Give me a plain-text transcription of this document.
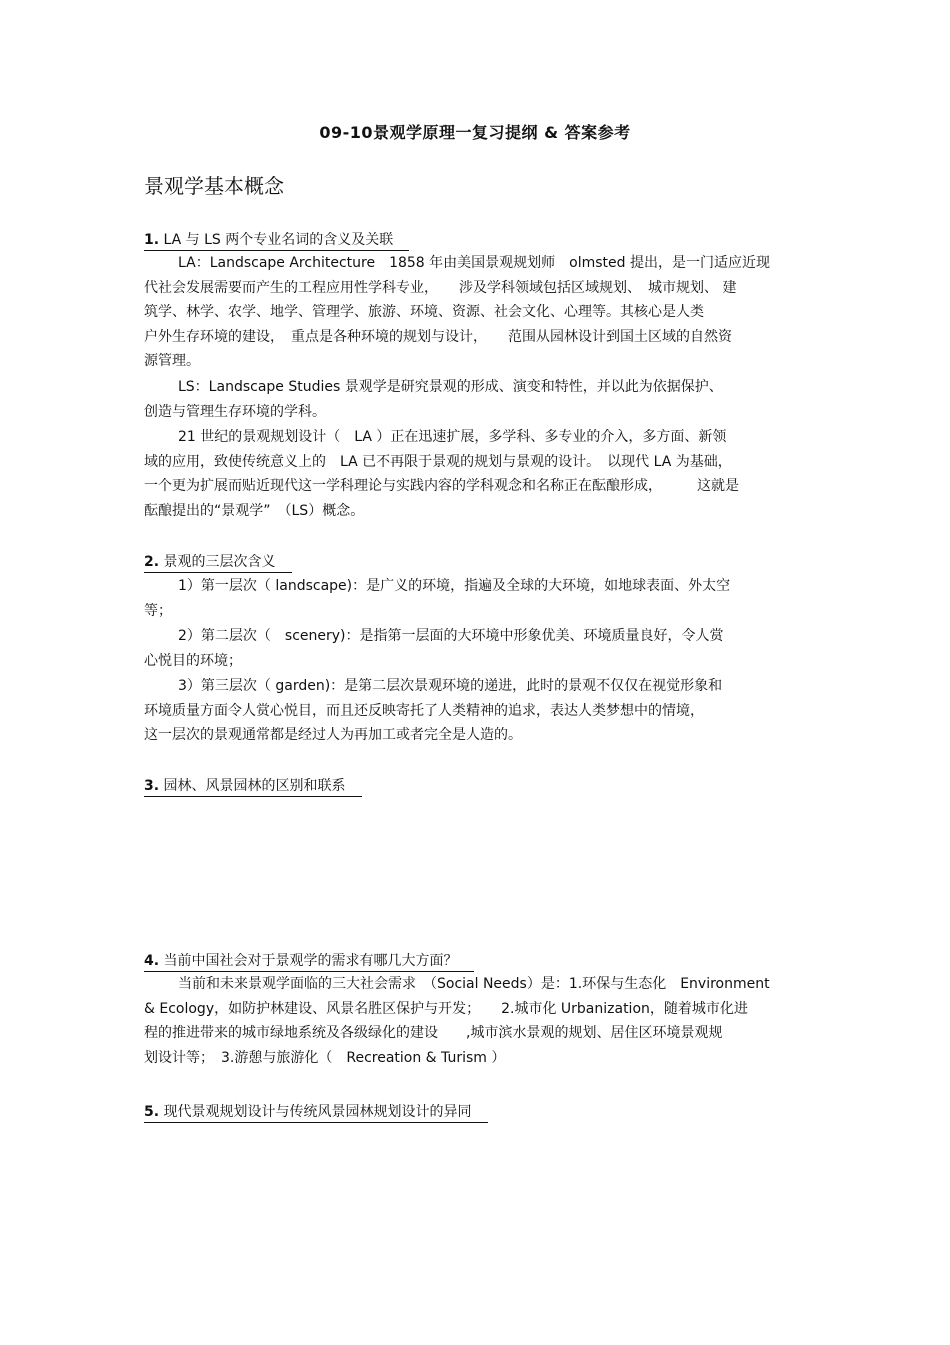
09-10景观学原理一复习提纲 & 答案参考
景观学基本概念
1. LA 与 LS 两个专业名词的含义及关联
LA：Landscape Architecture　1858 年由美国景观规划师　olmsted 提出，是一门适应近现
代社会发展需要而产生的工程应用性学科专业，　　涉及学科领域包括区域规划、　城市规划、 建
筑学、林学、农学、地学、管理学、旅游、环境、资源、社会文化、心理等。其核心是人类
户外生存环境的建设，　重点是各种环境的规划与设计，　　范围从园林设计到国土区域的自然资
源管理。
LS：Landscape Studies 景观学是研究景观的形成、演变和特性，并以此为依据保护、
创造与管理生存环境的学科。
21 世纪的景观规划设计（　LA ）正在迅速扩展，多学科、多专业的介入，多方面、新领
域的应用，致使传统意义上的　LA 已不再限于景观的规划与景观的设计。　以现代 LA 为基础，
一个更为扩展而贴近现代这一学科理论与实践内容的学科观念和名称正在酝酿形成，　　　这就是
酝酿提出的“景观学”　（LS）概念。
2. 景观的三层次含义
1）第一层次（ landscape)：是广义的环境，指遍及全球的大环境，如地球表面、外太空
等；
2）第二层次（　scenery)：是指第一层面的大环境中形象优美、环境质量良好，令人赏
心悦目的环境；
3）第三层次（ garden)：是第二层次景观环境的递进，此时的景观不仅仅在视觉形象和
环境质量方面令人赏心悦目，而且还反映寄托了人类精神的追求，表达人类梦想中的情境，
这一层次的景观通常都是经过人为再加工或者完全是人造的。
3. 园林、风景园林的区别和联系
4. 当前中国社会对于景观学的需求有哪几大方面？
当前和未来景观学面临的三大社会需求　（Social Needs）是：1.环保与生态化　Environment
& Ecology，如防护林建设、风景名胜区保护与开发；　　2.城市化 Urbanization，随着城市化进
程的推进带来的城市绿地系统及各级绿化的建设　　,城市滨水景观的规划、居住区环境景观规
划设计等；　3.游憩与旅游化（　Recreation & Turism ）
5. 现代景观规划设计与传统风景园林规划设计的异同
